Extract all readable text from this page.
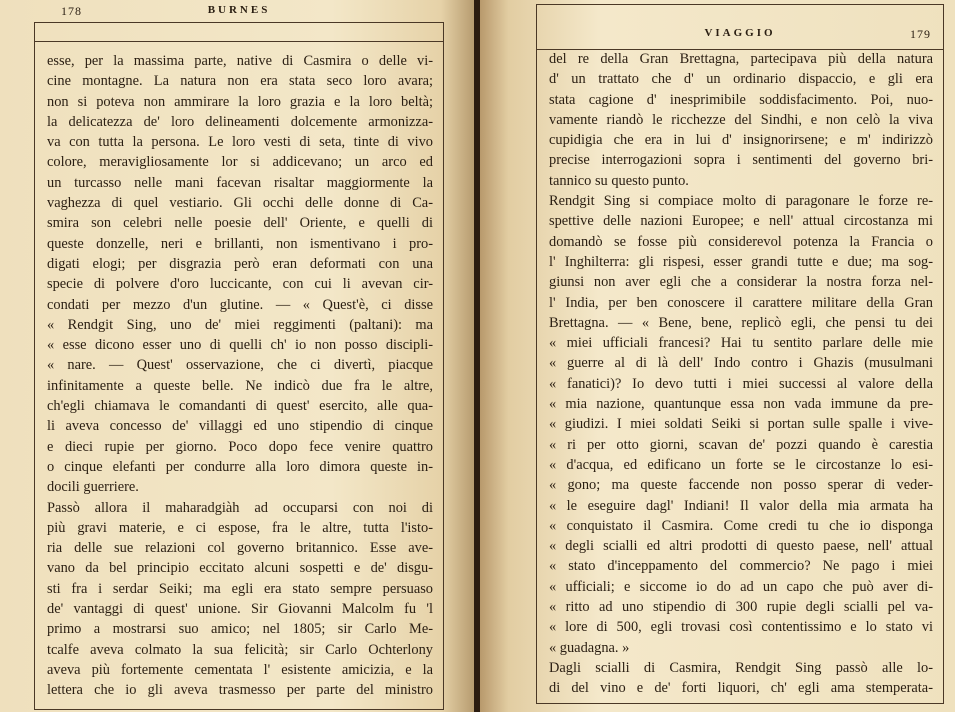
178	BURNES
esse, per la massima parte, native di Casmira o delle vi-
cine montagne. La natura non era stata seco loro avara;
non si poteva non ammirare la loro grazia e la loro beltà;
la delicatezza de' loro delineamenti dolcemente armonizza-
va con tutta la persona. Le loro vesti di seta, tinte di vivo
colore, meravigliosamente lor si addicevano; un arco ed
un turcasso nelle mani facevan risaltar maggiormente la
vaghezza di quel vestiario. Gli occhi delle donne di Ca-
smira son celebri nelle poesie dell' Oriente, e quelli di
queste donzelle, neri e brillanti, non ismentivano i pro-
digati elogi; per disgrazia però eran deformati con una
specie di polvere d'oro luccicante, con cui li avevan cir-
condati per mezzo d'un glutine. — « Quest'è, ci disse
« Rendgit Sing, uno de' miei reggimenti (paltani): ma
« esse dicono esser uno di quelli ch' io non posso discipli-
« nare. — Quest' osservazione, che ci divertì, piacque
infinitamente a queste belle. Ne indicò due fra le altre,
ch'egli chiamava le comandanti di quest' esercito, alle qua-
li aveva concesso de' villaggi ed uno stipendio di cinque
e dieci rupie per giorno. Poco dopo fece venire quattro
o cinque elefanti per condurre alla loro dimora queste in-
docili guerriere.
Passò allora il maharadgiàh ad occuparsi con noi di
più gravi materie, e ci espose, fra le altre, tutta l'isto-
ria delle sue relazioni col governo britannico. Esse ave-
vano da bel principio eccitato alcuni sospetti e de' disgu-
sti fra i serdar Seiki; ma egli era stato sempre persuaso
de' vantaggi di quest' unione. Sir Giovanni Malcolm fu 'l
primo a mostrarsi suo amico; nel 1805; sir Carlo Me-
tcalfe aveva colmato la sua felicità; sir Carlo Ochterlony
aveva più fortemente cementata l' esistente amicizia, e la
lettera che io gli aveva trasmesso per parte del ministro
VIAGGIO	179
del re della Gran Brettagna, partecipava più della natura
d' un trattato che d' un ordinario dispaccio, e gli era
stata cagione d' inesprimibile soddisfacimento. Poi, nuo-
vamente riandò le ricchezze del Sindhi, e non celò la viva
cupidigia che era in lui d' insignorirsene; e m' indirizzò
precise interrogazioni sopra i sentimenti del governo bri-
tannico su questo punto.
Rendgit Sing si compiace molto di paragonare le forze re-
spettive delle nazioni Europee; e nell' attual circostanza mi
domandò se fosse più considerevol potenza la Francia o
l' Inghilterra: gli rispesi, esser grandi tutte e due; ma sog-
giunsi non aver egli che a considerar la nostra forza nel-
l' India, per ben conoscere il carattere militare della Gran
Brettagna. — « Bene, bene, replicò egli, che pensi tu dei
« miei ufficiali francesi? Hai tu sentito parlare delle mie
« guerre al di là dell' Indo contro i Ghazis (musulmani
« fanatici)? Io devo tutti i miei successi al valore della
« mia nazione, quantunque essa non vada immune da pre-
« giudizi. I miei soldati Seiki si portan sulle spalle i vive-
« ri per otto giorni, scavan de' pozzi quando è carestia
« d'acqua, ed edificano un forte se le circostanze lo esi-
« gono; ma queste faccende non posso sperar di veder-
« le eseguire dagl' Indiani! Il valor della mia armata ha
« conquistato il Casmira. Come credi tu che io disponga
« degli scialli ed altri prodotti di questo paese, nell' attual
« stato d'inceppamento del commercio? Ne pago i miei
« ufficiali; e siccome io do ad un capo che può aver di-
« ritto ad uno stipendio di 300 rupie degli scialli pel va-
« lore di 500, egli trovasi così contentissimo e lo stato vi
« guadagna. »
Dagli scialli di Casmira, Rendgit Sing passò alle lo-
di del vino e de' forti liquori, ch' egli ama stemperata-
